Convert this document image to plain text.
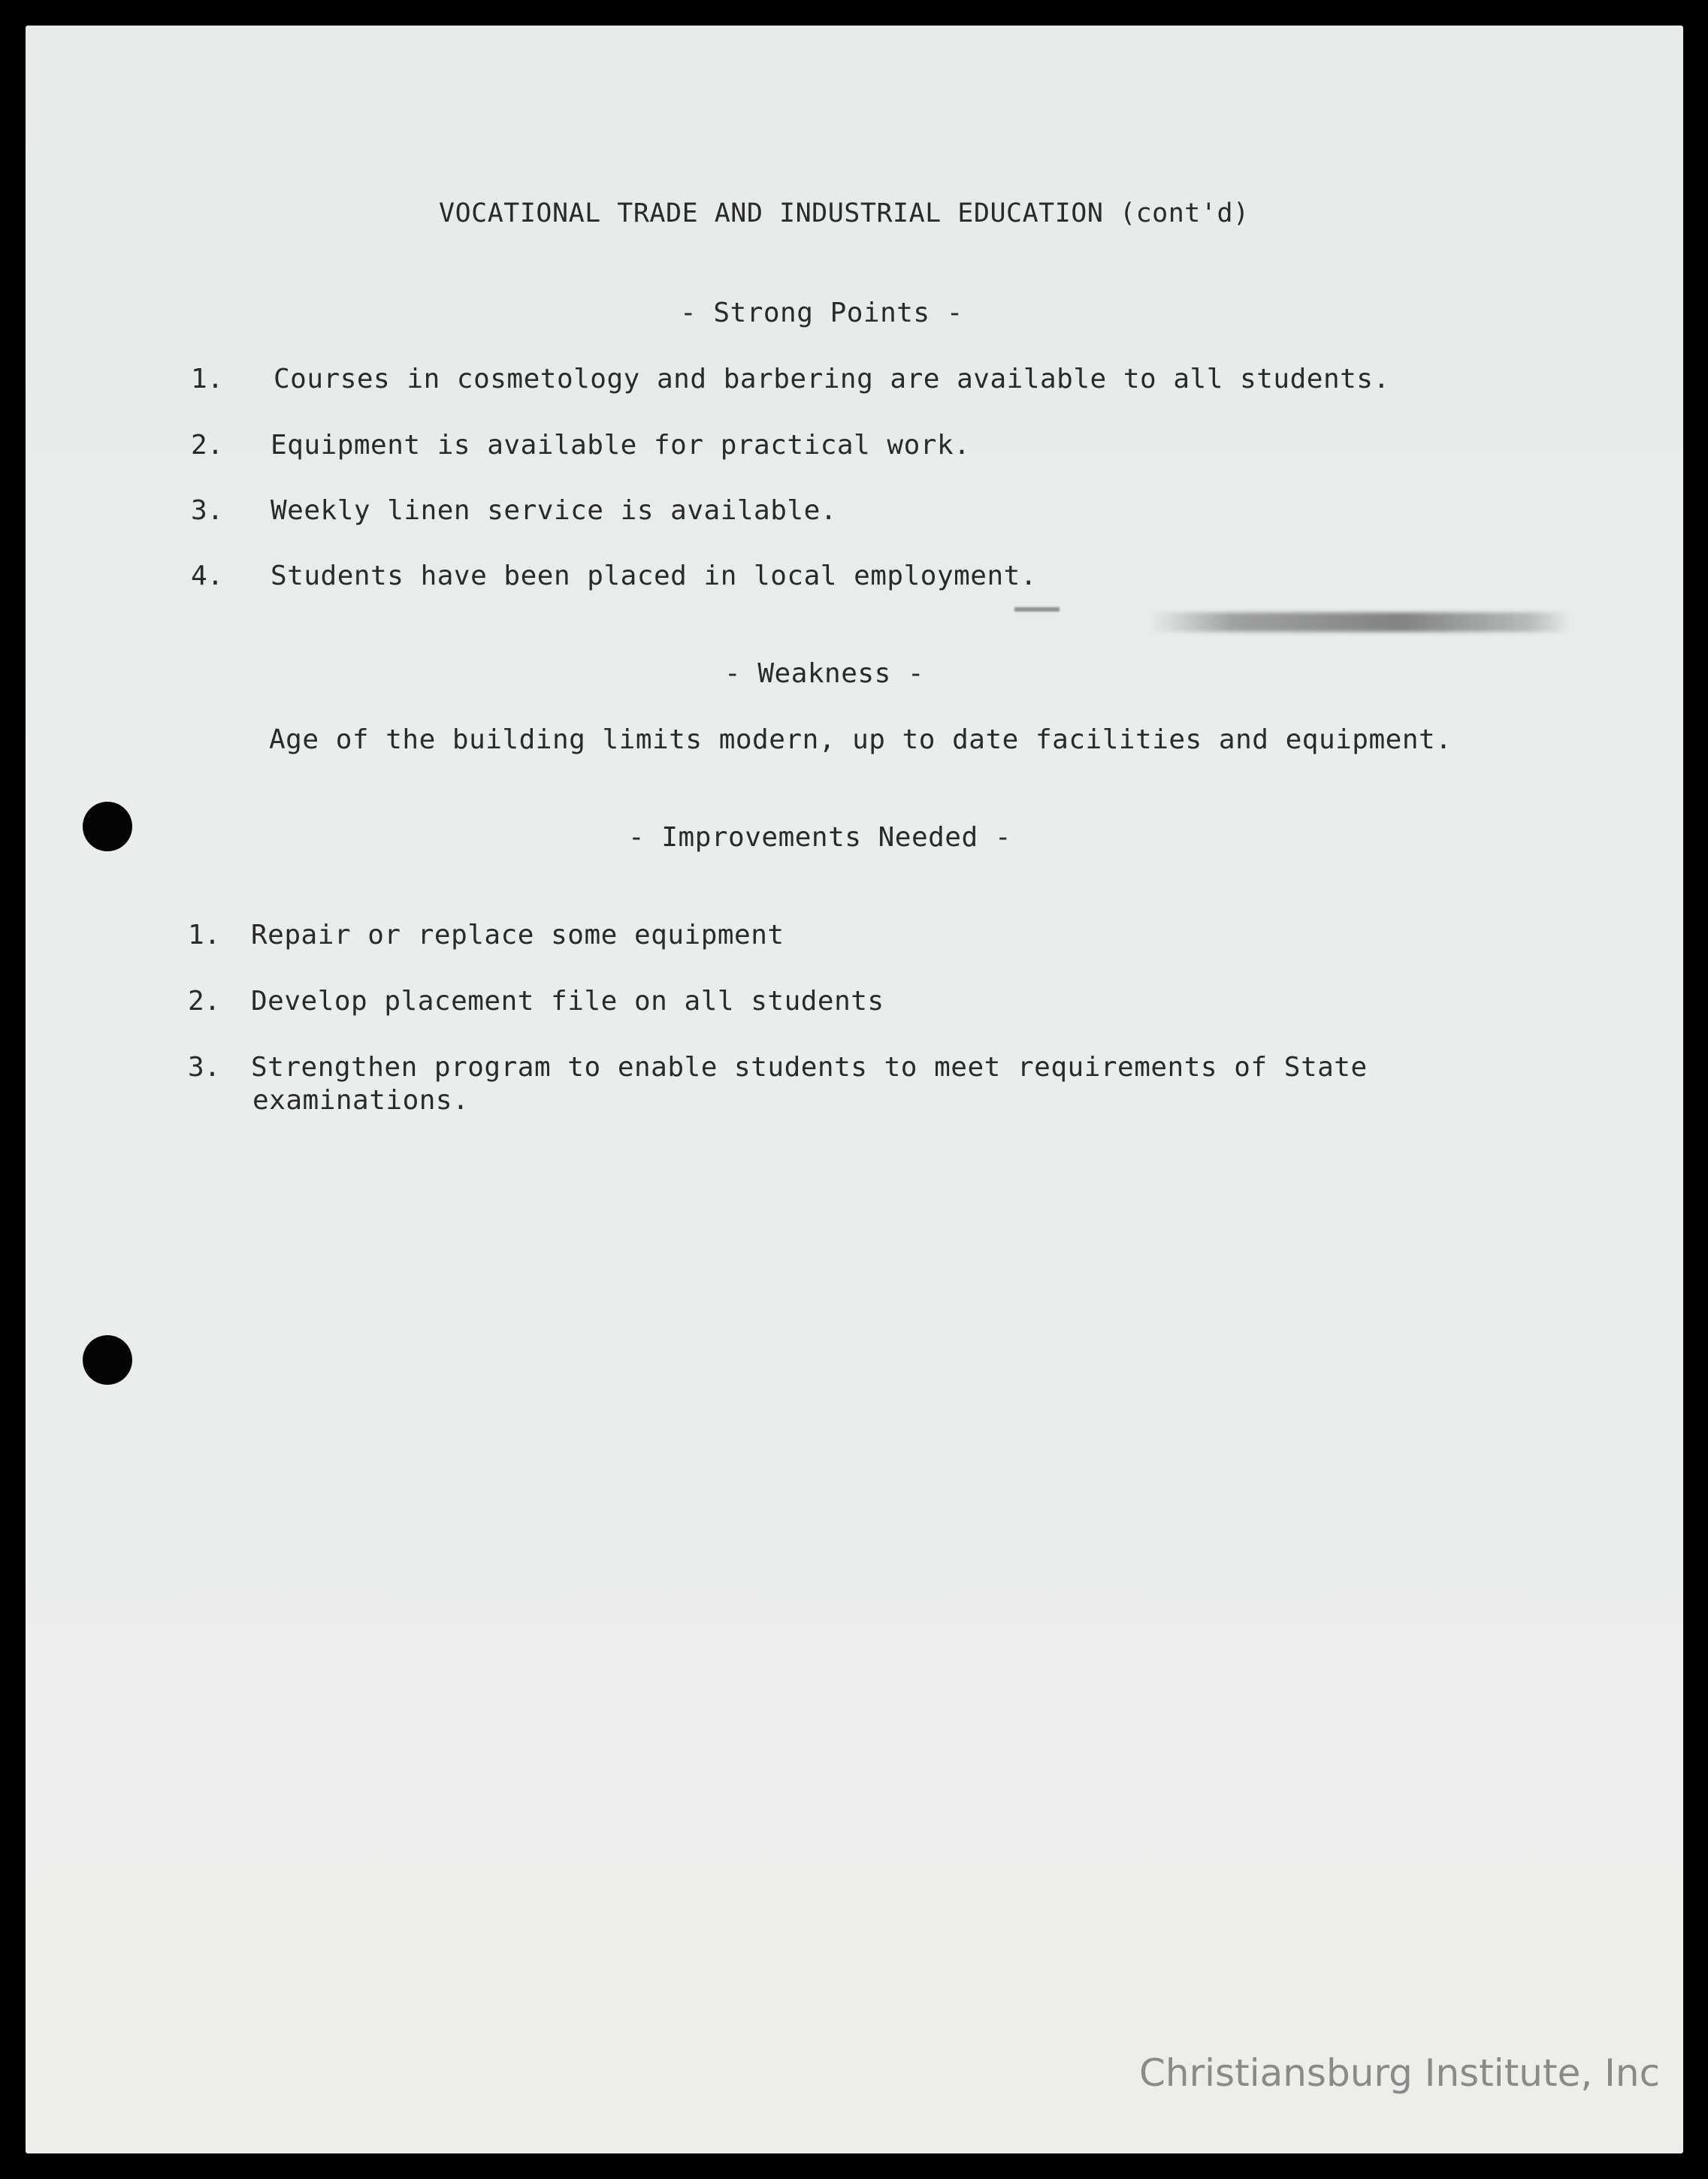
VOCATIONAL TRADE AND INDUSTRIAL EDUCATION (cont'd)
- Strong Points -
1. Courses in cosmetology and barbering are available to all students.
2. Equipment is available for practical work.
3. Weekly linen service is available.
4. Students have been placed in local employment.
- Weakness -
Age of the building limits modern, up to date facilities and equipment.
- Improvements Needed -
1. Repair or replace some equipment
2. Develop placement file on all students
3. Strengthen program to enable students to meet requirements of State
examinations.
Christiansburg Institute, Inc
